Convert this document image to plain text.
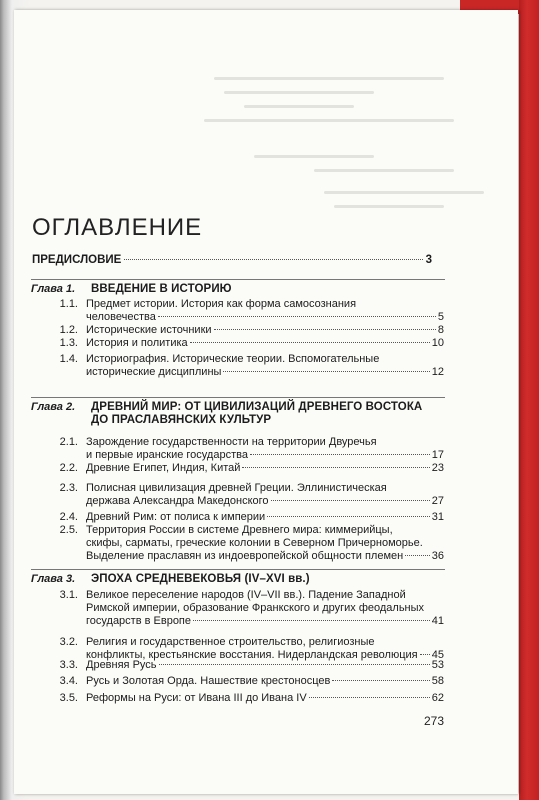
ОГЛАВЛЕНИЕ
ПРЕДИСЛОВИЕ	3
Глава 1. ВВЕДЕНИЕ В ИСТОРИЮ
1.1. Предмет истории. История как форма самосознания
человечества	5
1.2. Исторические источники	8
1.3. История и политика	10
1.4. Историография. Исторические теории. Вспомогательные
исторические дисциплины	12
Глава 2. ДРЕВНИЙ МИР: ОТ ЦИВИЛИЗАЦИЙ ДРЕВНЕГО ВОСТОКА
ДО ПРАСЛАВЯНСКИХ КУЛЬТУР
2.1. Зарождение государственности на территории Двуречья
и первые иранские государства	17
2.2. Древние Египет, Индия, Китай	23
2.3. Полисная цивилизация древней Греции. Эллинистическая
держава Александра Македонского	27
2.4. Древний Рим: от полиса к империи	31
2.5. Территория России в системе Древнего мира: киммерийцы,
скифы, сарматы, греческие колонии в Северном Причерноморье.
Выделение праславян из индоевропейской общности племен	36
Глава 3. ЭПОХА СРЕДНЕВЕКОВЬЯ (IV–XVI вв.)
3.1. Великое переселение народов (IV–VII вв.). Падение Западной
Римской империи, образование Франкского и других феодальных
государств в Европе	41
3.2. Религия и государственное строительство, религиозные
конфликты, крестьянские восстания. Нидерландская революция 45
3.3. Древняя Русь	53
3.4. Русь и Золотая Орда. Нашествие крестоносцев	58
3.5. Реформы на Руси: от Ивана III до Ивана IV	62
273
